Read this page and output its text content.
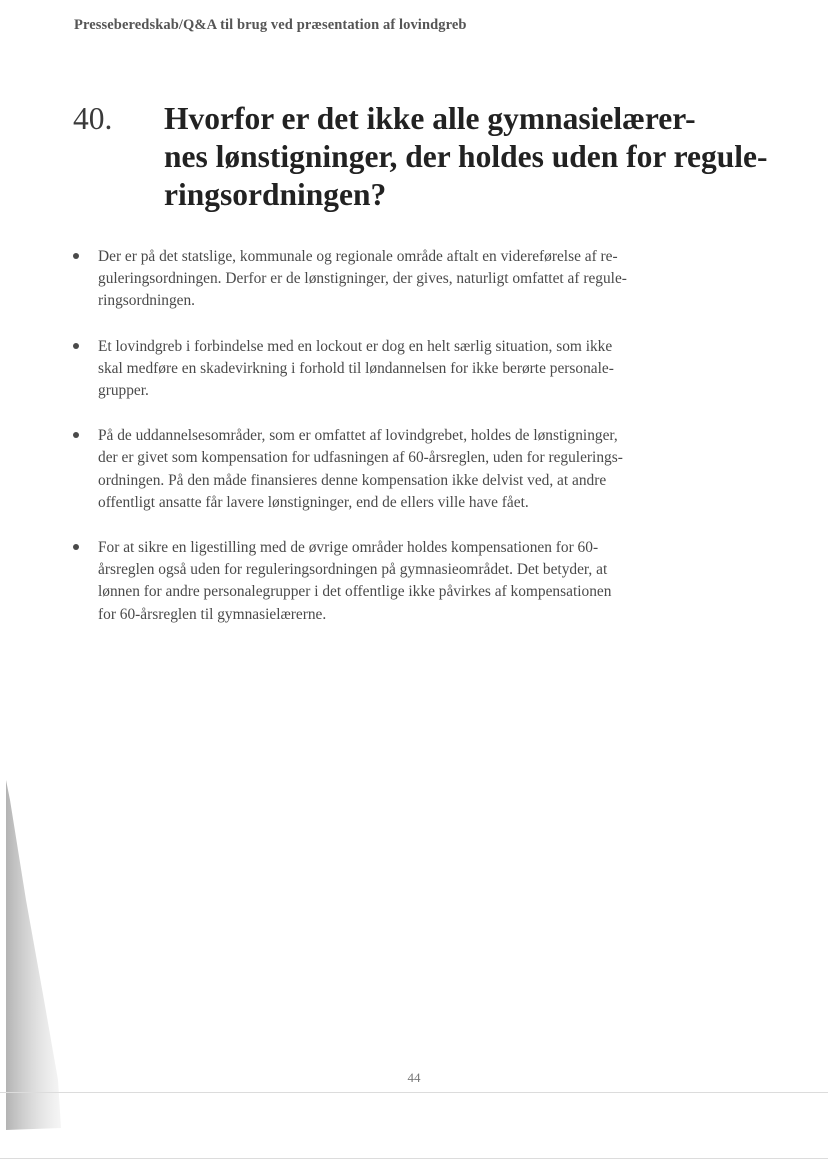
Presseberedskab/Q&A til brug ved præsentation af lovindgreb
40.	Hvorfor er det ikke alle gymnasielærer-
nes lønstigninger, der holdes uden for regule-
ringsordningen?
Der er på det statslige, kommunale og regionale område aftalt en videreførelse af re-
guleringsordningen. Derfor er de lønstigninger, der gives, naturligt omfattet af regule-
ringsordningen.
Et lovindgreb i forbindelse med en lockout er dog en helt særlig situation, som ikke
skal medføre en skadevirkning i forhold til løndannelsen for ikke berørte personale-
grupper.
På de uddannelsesområder, som er omfattet af lovindgrebet, holdes de lønstigninger,
der er givet som kompensation for udfasningen af 60-årsreglen, uden for regulerings-
ordningen. På den måde finansieres denne kompensation ikke delvist ved, at andre
offentligt ansatte får lavere lønstigninger, end de ellers ville have fået.
For at sikre en ligestilling med de øvrige områder holdes kompensationen for 60-
årsreglen også uden for reguleringsordningen på gymnasieområdet. Det betyder, at
lønnen for andre personalegrupper i det offentlige ikke påvirkes af kompensationen
for 60-årsreglen til gymnasielærerne.
44
